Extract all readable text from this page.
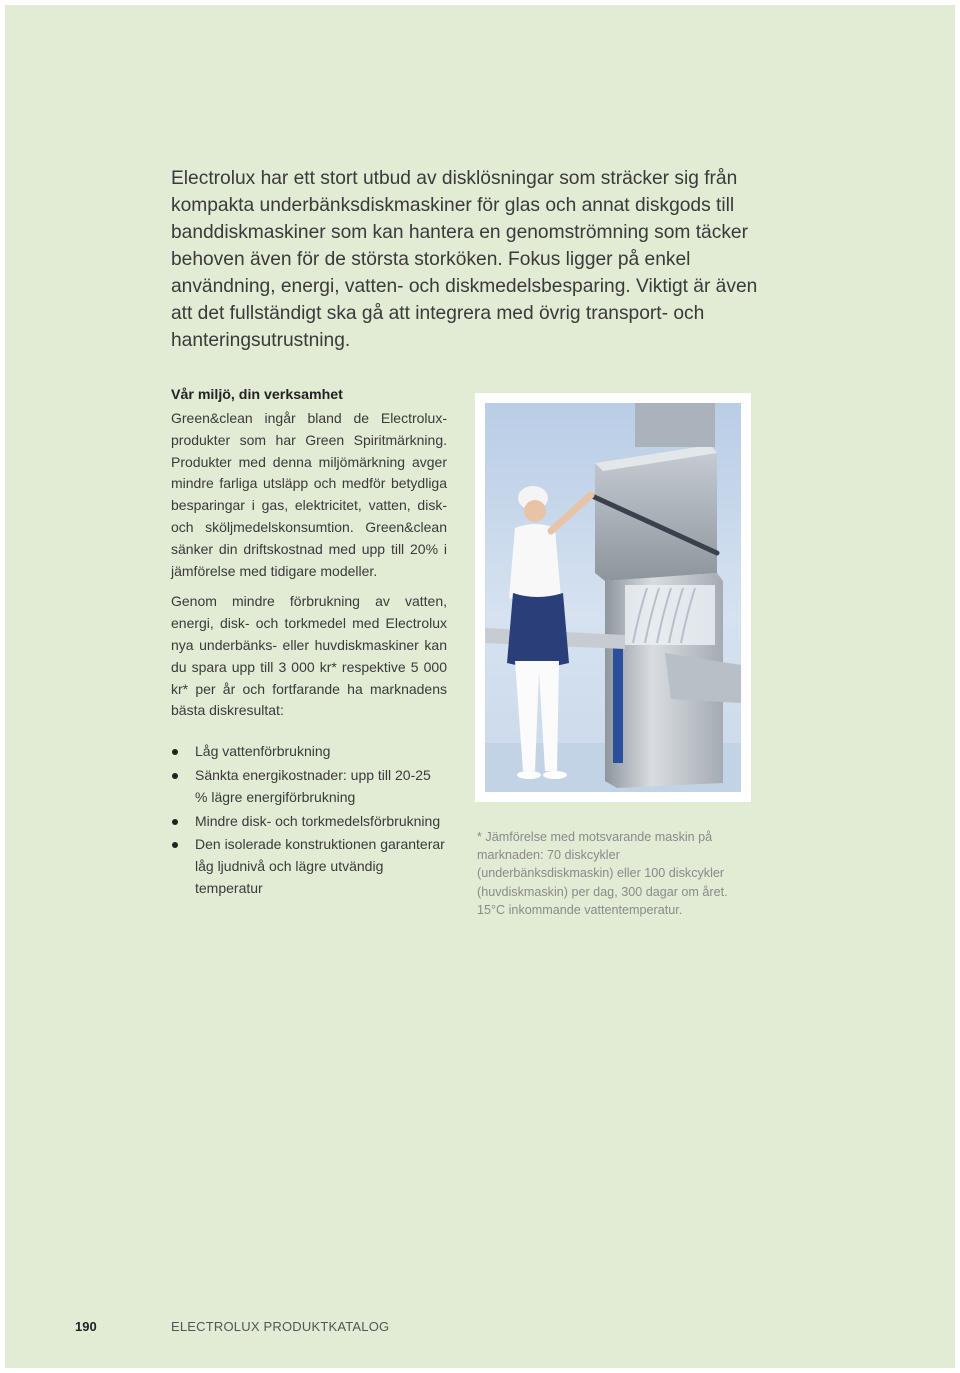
Electrolux har ett stort utbud av disklösningar som sträcker sig från kompakta underbänksdiskmaskiner för glas och annat diskgods till banddiskmaskiner som kan hantera en genomströmning som täcker behoven även för de största storköken. Fokus ligger på enkel användning, energi, vatten- och diskmedelsbesparing. Viktigt är även att det fullständigt ska gå att integrera med övrig transport- och hanteringsutrustning.

Vår miljö, din verksamhet

Green&clean ingår bland de Electrolux-produkter som har Green Spiritmärkning. Produkter med denna miljömärkning avger mindre farliga utsläpp och medför betydliga besparingar i gas, elektricitet, vatten, disk- och sköljmedelskonsumtion. Green&clean sänker din driftskostnad med upp till 20% i jämförelse med tidigare modeller.

Genom mindre förbrukning av vatten, energi, disk- och torkmedel med Electrolux nya underbänks- eller huvdiskmaskiner kan du spara upp till 3 000 kr* respektive 5 000 kr* per år och fortfarande ha marknadens bästa diskresultat:

Låg vattenförbrukning
Sänkta energikostnader: upp till 20-25 % lägre energiförbrukning
Mindre disk- och torkmedelsförbrukning
Den isolerade konstruktionen garanterar låg ljudnivå och lägre utvändig temperatur

* Jämförelse med motsvarande maskin på marknaden: 70 diskcykler (underbänksdiskmaskin) eller 100 diskcykler (huvdiskmaskin) per dag, 300 dagar om året. 15°C inkommande vattentemperatur.

190	ELECTROLUX PRODUKTKATALOG
